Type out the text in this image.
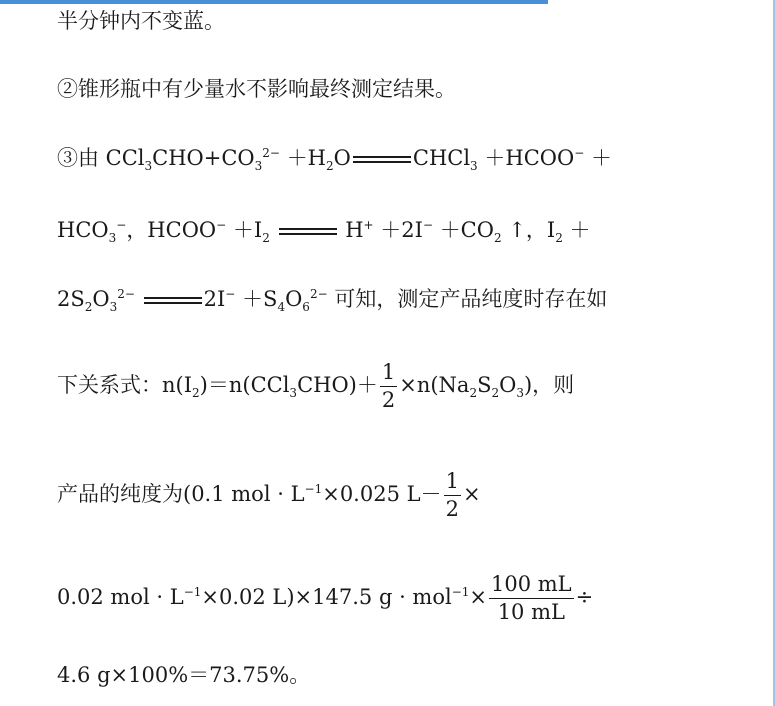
半分钟内不变蓝。
②锥形瓶中有少量水不影响最终测定结果。
③由 $CCl_3CHO+CO_3^{2-} +H_2O$	CHCl$_3$ ＋HCOO− ＋
$HCO_3^-$，HCOO− $+I_2$	$H^+ +2I^- +CO_2$ ↑，$I_2$ ＋
$2S_2O_3^{2-}$	$2I^- +S_4O_6^{2-}$ 可知，测定产品纯度时存在如
下关系式：$n(I_2)=n(CCl_3CHO)+ \frac{1}{2} \times n(Na_2S_2O_3)$，则
产品的纯度为(0.1 mol · $L^{-1}\times 0.025$ $L- \frac{1}{2}$ ×
0.02 mol · $L^{-1}\times 0.02$ L)×147.5 $g \cdot mol^{-1}\times \frac{100 mL}{10 mL}$ ÷
4.6 g×100%＝73.75%。
